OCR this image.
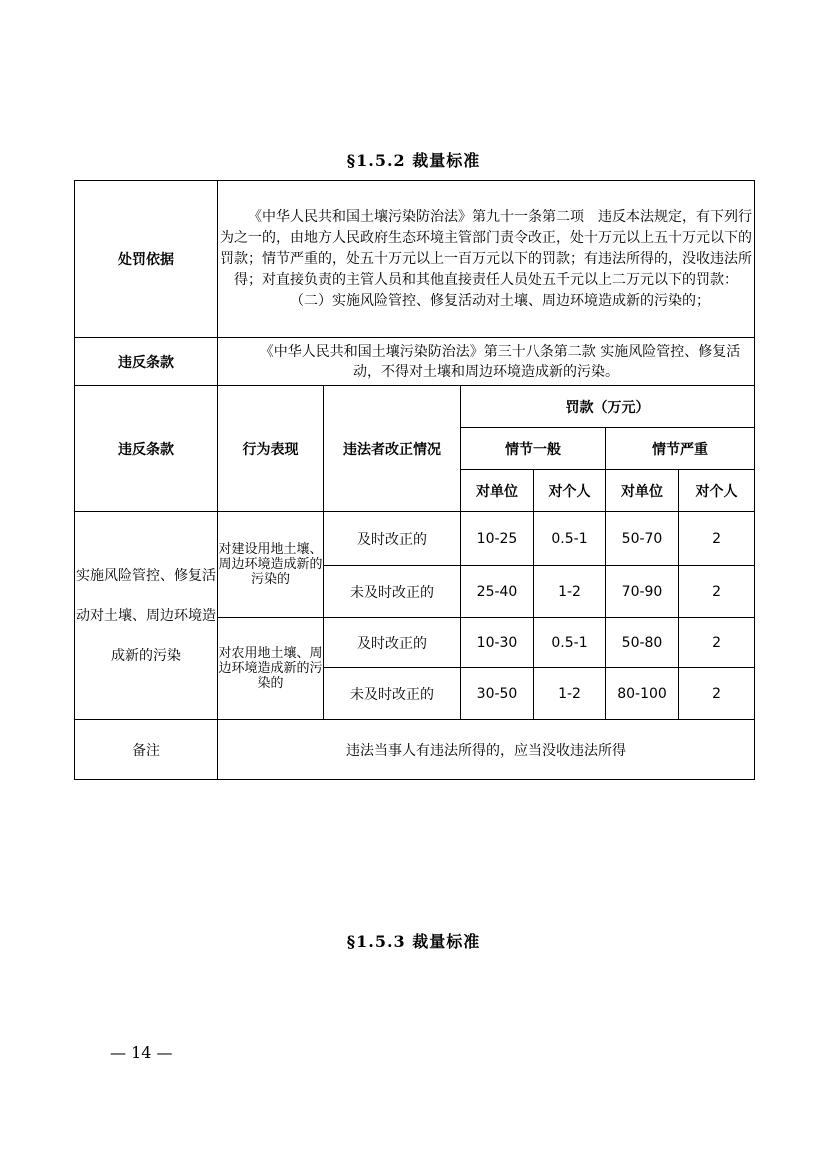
§1.5.2 裁量标准
处罚依据	《中华人民共和国土壤污染防治法》第九十一条第二项　违反本法规定，有下列行为之一的，由地方人民政府生态环境主管部门责令改正，处十万元以上五十万元以下的罚款；情节严重的，处五十万元以上一百万元以下的罚款；有违法所得的，没收违法所得；对直接负责的主管人员和其他直接责任人员处五千元以上二万元以下的罚款：
（二）实施风险管控、修复活动对土壤、周边环境造成新的污染的；					

违反条款	《中华人民共和国土壤污染防治法》第三十八条第二款 实施风险管控、修复活动，不得对土壤和周边环境造成新的污染。					
违反条款	行为表现	违法者改正情况	罚款（万元）			
			情节一般		情节严重	
			对单位	对个人	对单位	对个人
实施风险管控、修复活动对土壤、周边环境造成新的污染	对建设用地土壤、周边环境造成新的污染的	及时改正的	10-25	0.5-1	50-70	2
		未及时改正的	25-40	1-2	70-90	2
	对农用地土壤、周边环境造成新的污染的	及时改正的	10-30	0.5-1	50-80	2
		未及时改正的	30-50	1-2	80-100	2
备注	违法当事人有违法所得的，应当没收违法所得					
§1.5.3 裁量标准
— 14 —
